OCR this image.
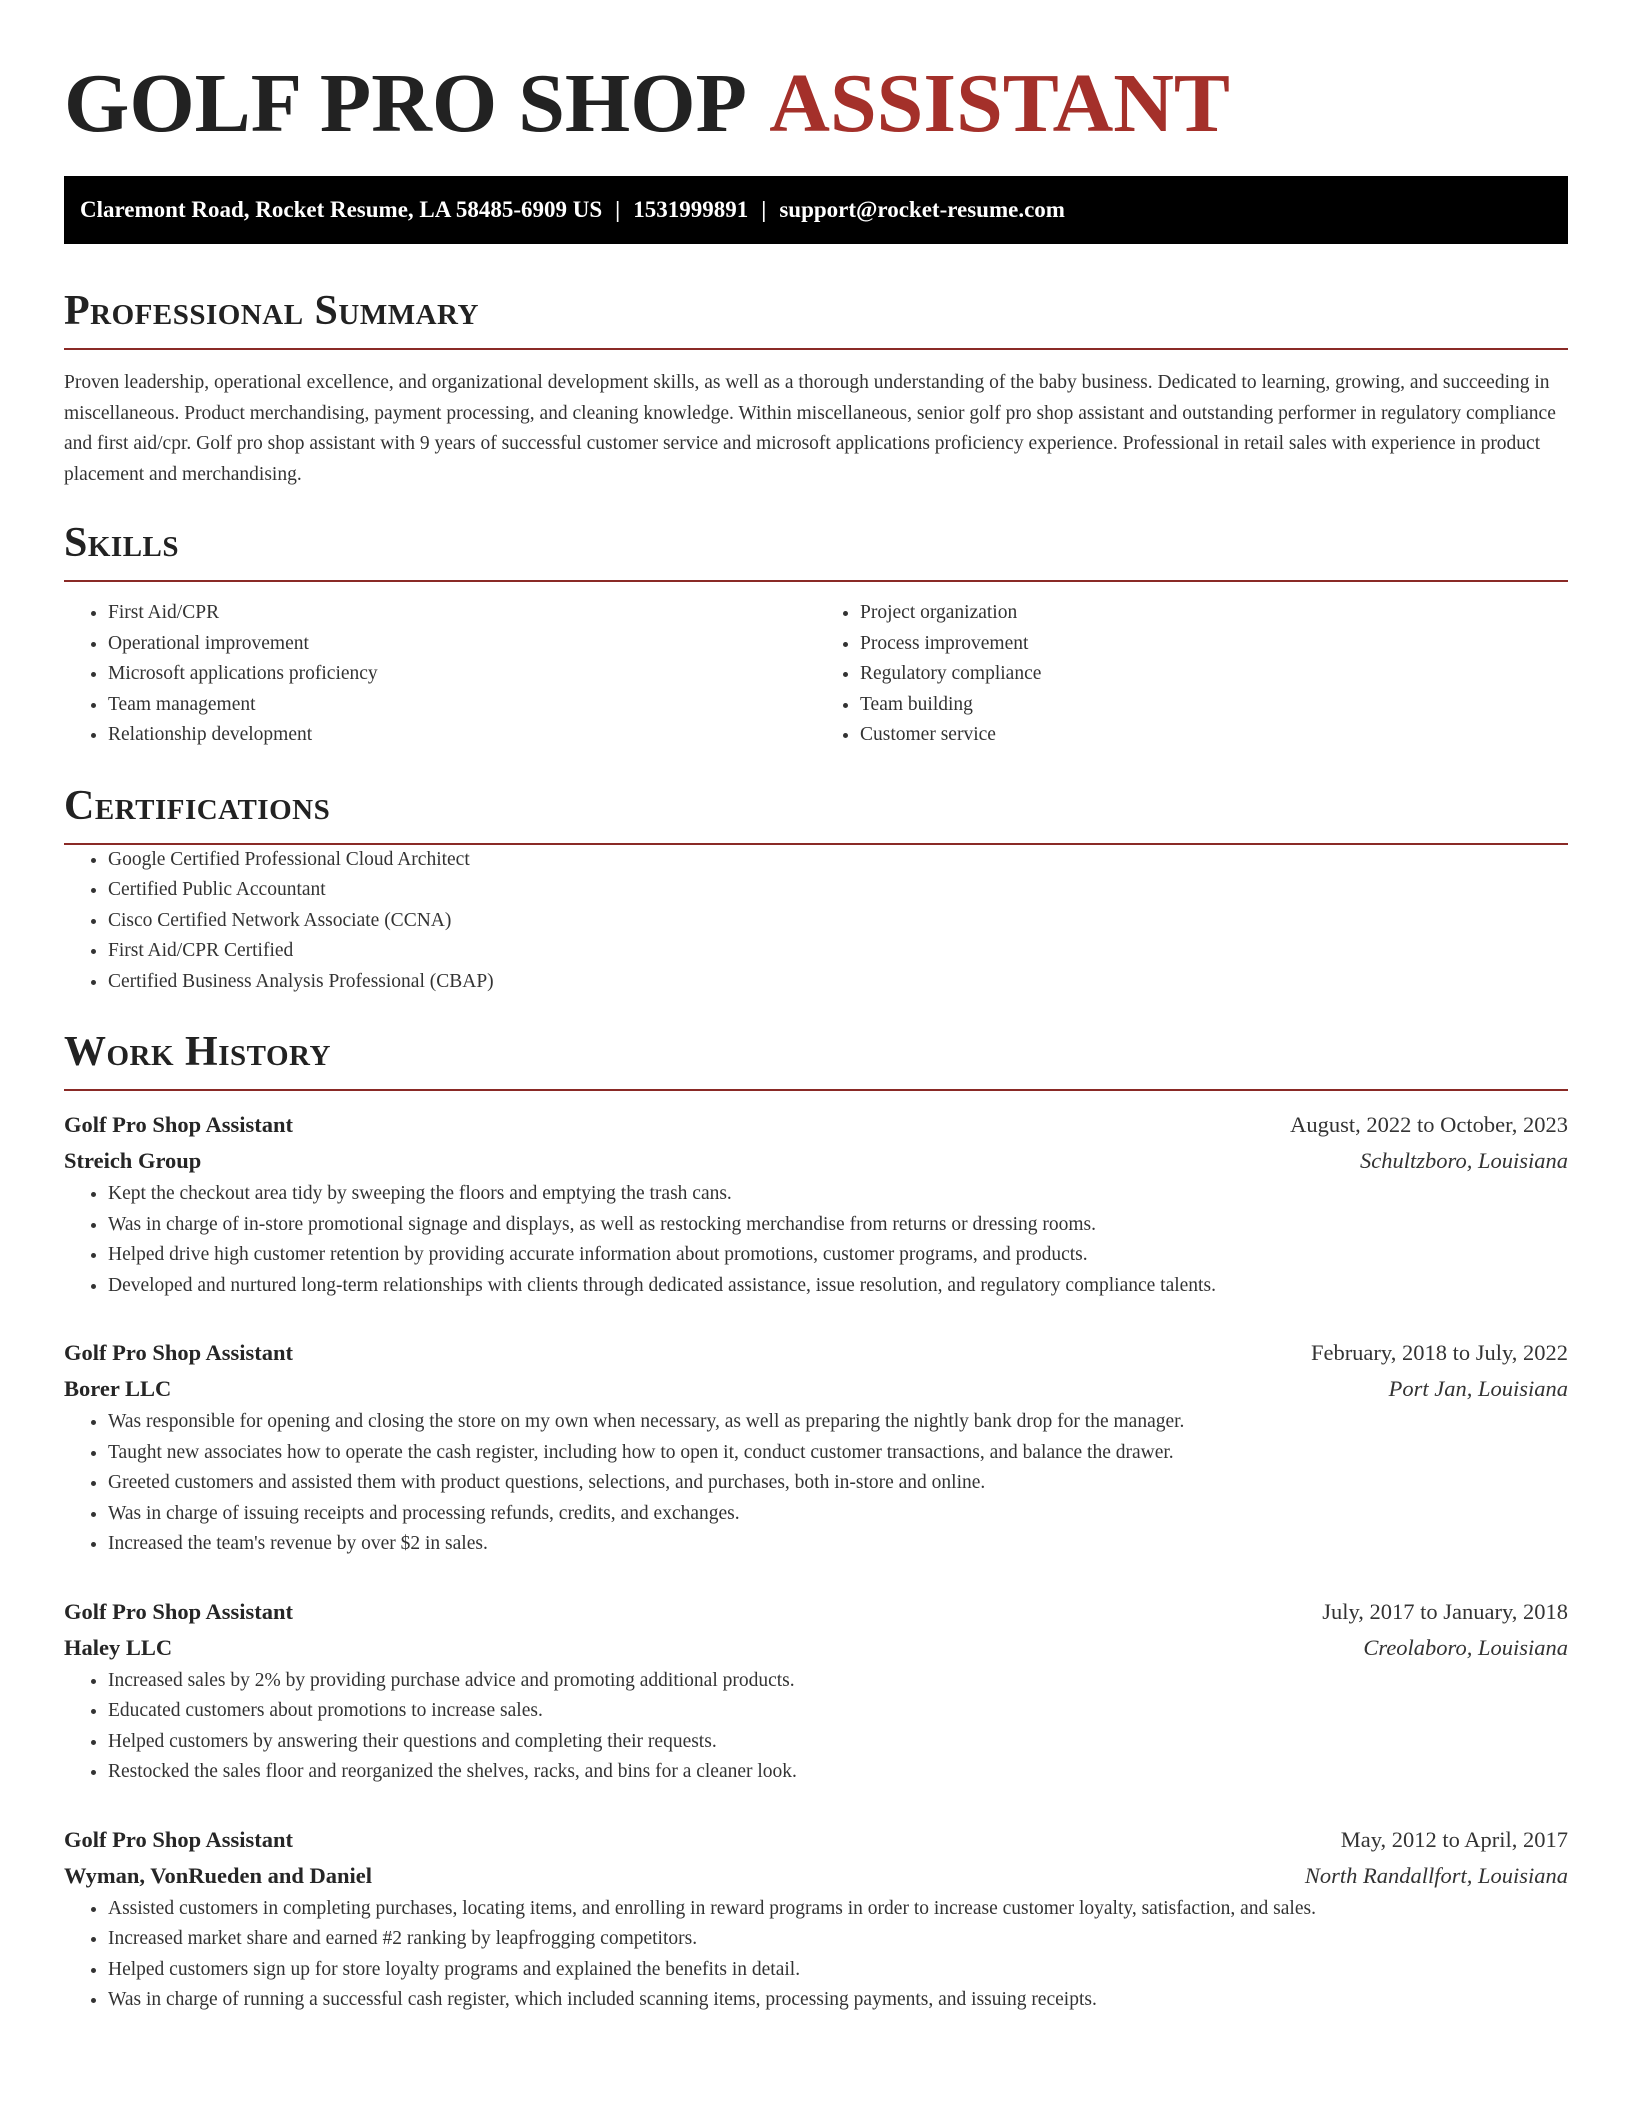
GOLF PRO SHOP ASSISTANT
Claremont Road, Rocket Resume, LA 58485-6909 US | 1531999891 | support@rocket-resume.com
Professional Summary

Proven leadership, operational excellence, and organizational development skills, as well as a thorough understanding of the baby business. Dedicated to learning, growing, and succeeding in miscellaneous. Product merchandising, payment processing, and cleaning knowledge. Within miscellaneous, senior golf pro shop assistant and outstanding performer in regulatory compliance and first aid/cpr. Golf pro shop assistant with 9 years of successful customer service and microsoft applications proficiency experience. Professional in retail sales with experience in product placement and merchandising.

Skills
• First Aid/CPR
• Operational improvement
• Microsoft applications proficiency
• Team management
• Relationship development
• Project organization
• Process improvement
• Regulatory compliance
• Team building
• Customer service
Certifications
• Google Certified Professional Cloud Architect
• Certified Public Accountant
• Cisco Certified Network Associate (CCNA)
• First Aid/CPR Certified
• Certified Business Analysis Professional (CBAP)
Work History
Golf Pro Shop Assistant	August, 2022 to October, 2023
Streich Group	Schultzboro, Louisiana
• Kept the checkout area tidy by sweeping the floors and emptying the trash cans.
• Was in charge of in-store promotional signage and displays, as well as restocking merchandise from returns or dressing rooms.
• Helped drive high customer retention by providing accurate information about promotions, customer programs, and products.
• Developed and nurtured long-term relationships with clients through dedicated assistance, issue resolution, and regulatory compliance talents.
Golf Pro Shop Assistant	February, 2018 to July, 2022
Borer LLC	Port Jan, Louisiana
• Was responsible for opening and closing the store on my own when necessary, as well as preparing the nightly bank drop for the manager.
• Taught new associates how to operate the cash register, including how to open it, conduct customer transactions, and balance the drawer.
• Greeted customers and assisted them with product questions, selections, and purchases, both in-store and online.
• Was in charge of issuing receipts and processing refunds, credits, and exchanges.
• Increased the team's revenue by over $2 in sales.
Golf Pro Shop Assistant	July, 2017 to January, 2018
Haley LLC	Creolaboro, Louisiana
• Increased sales by 2% by providing purchase advice and promoting additional products.
• Educated customers about promotions to increase sales.
• Helped customers by answering their questions and completing their requests.
• Restocked the sales floor and reorganized the shelves, racks, and bins for a cleaner look.
Golf Pro Shop Assistant	May, 2012 to April, 2017
Wyman, VonRueden and Daniel	North Randallfort, Louisiana
• Assisted customers in completing purchases, locating items, and enrolling in reward programs in order to increase customer loyalty, satisfaction, and sales.
• Increased market share and earned #2 ranking by leapfrogging competitors.
• Helped customers sign up for store loyalty programs and explained the benefits in detail.
• Was in charge of running a successful cash register, which included scanning items, processing payments, and issuing receipts.
